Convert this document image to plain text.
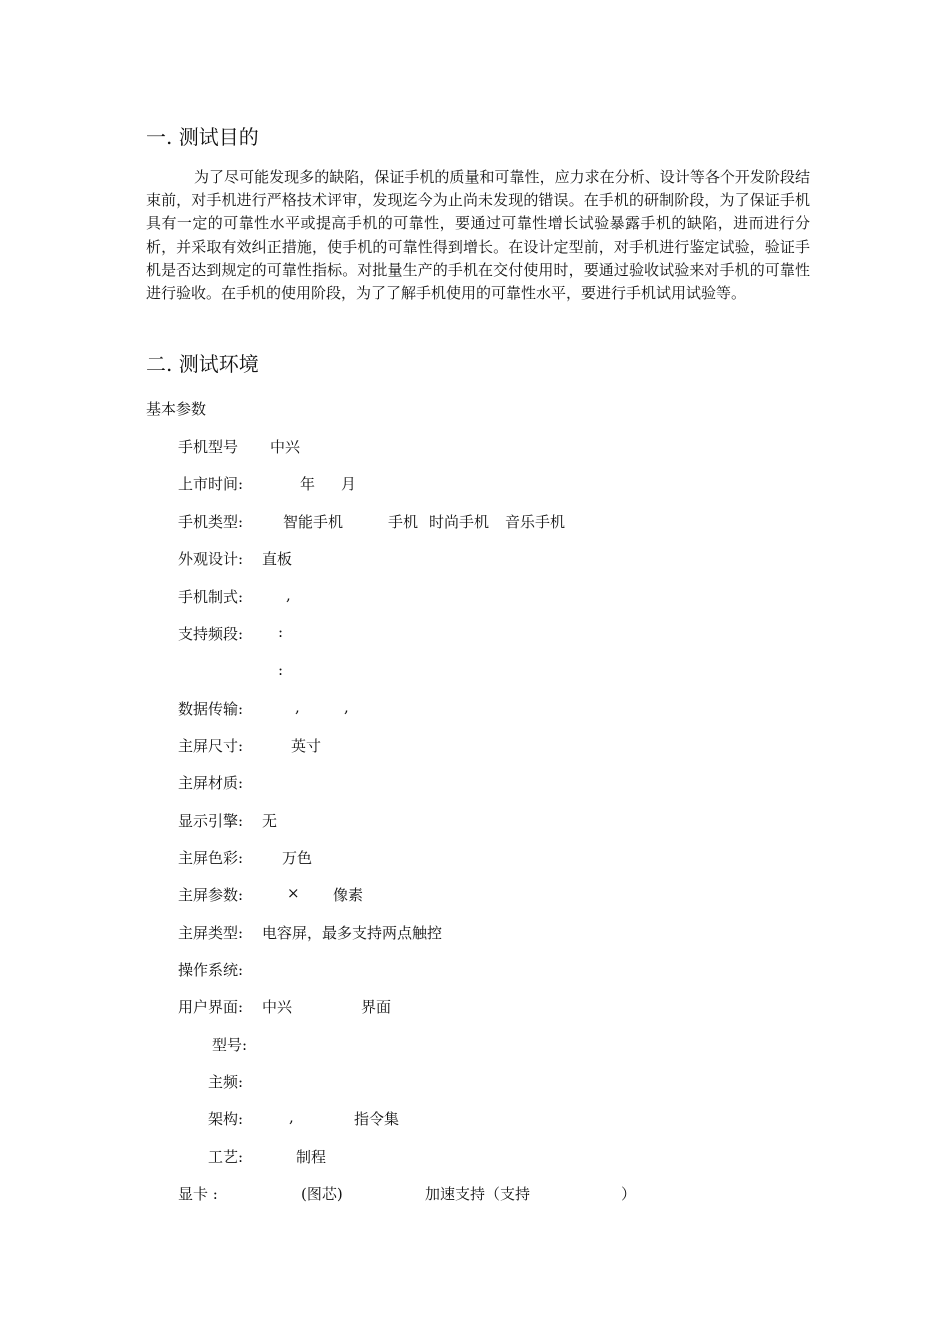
一. 测试目的
为了尽可能发现多的缺陷，保证手机的质量和可靠性，应力求在分析、设计等各个开发阶段结束前，对手机进行严格技术评审，发现迄今为止尚未发现的错误。在手机的研制阶段，为了保证手机具有一定的可靠性水平或提高手机的可靠性，要通过可靠性增长试验暴露手机的缺陷，进而进行分析，并采取有效纠正措施，使手机的可靠性得到增长。在设计定型前，对手机进行鉴定试验，验证手机是否达到规定的可靠性指标。对批量生产的手机在交付使用时，要通过验收试验来对手机的可靠性进行验收。在手机的使用阶段，为了了解手机使用的可靠性水平，要进行手机试用试验等。
二. 测试环境
基本参数
手机型号 中兴
上市时间:	年 月
手机类型:	智能手机	手机 时尚手机 音乐手机
外观设计: 直板
手机制式:	,
支持频段: :
:
数据传输:	,	,
主屏尺寸:	英寸
主屏材质:
显示引擎: 无
主屏色彩:	万色
主屏参数:	× 像素
主屏类型: 电容屏，最多支持两点触控
操作系统:
用户界面: 中兴	界面
型号:
主频:
架构:	,	指令集
工艺:	制程
显卡 :	(图芯)	加速支持（支持	）
